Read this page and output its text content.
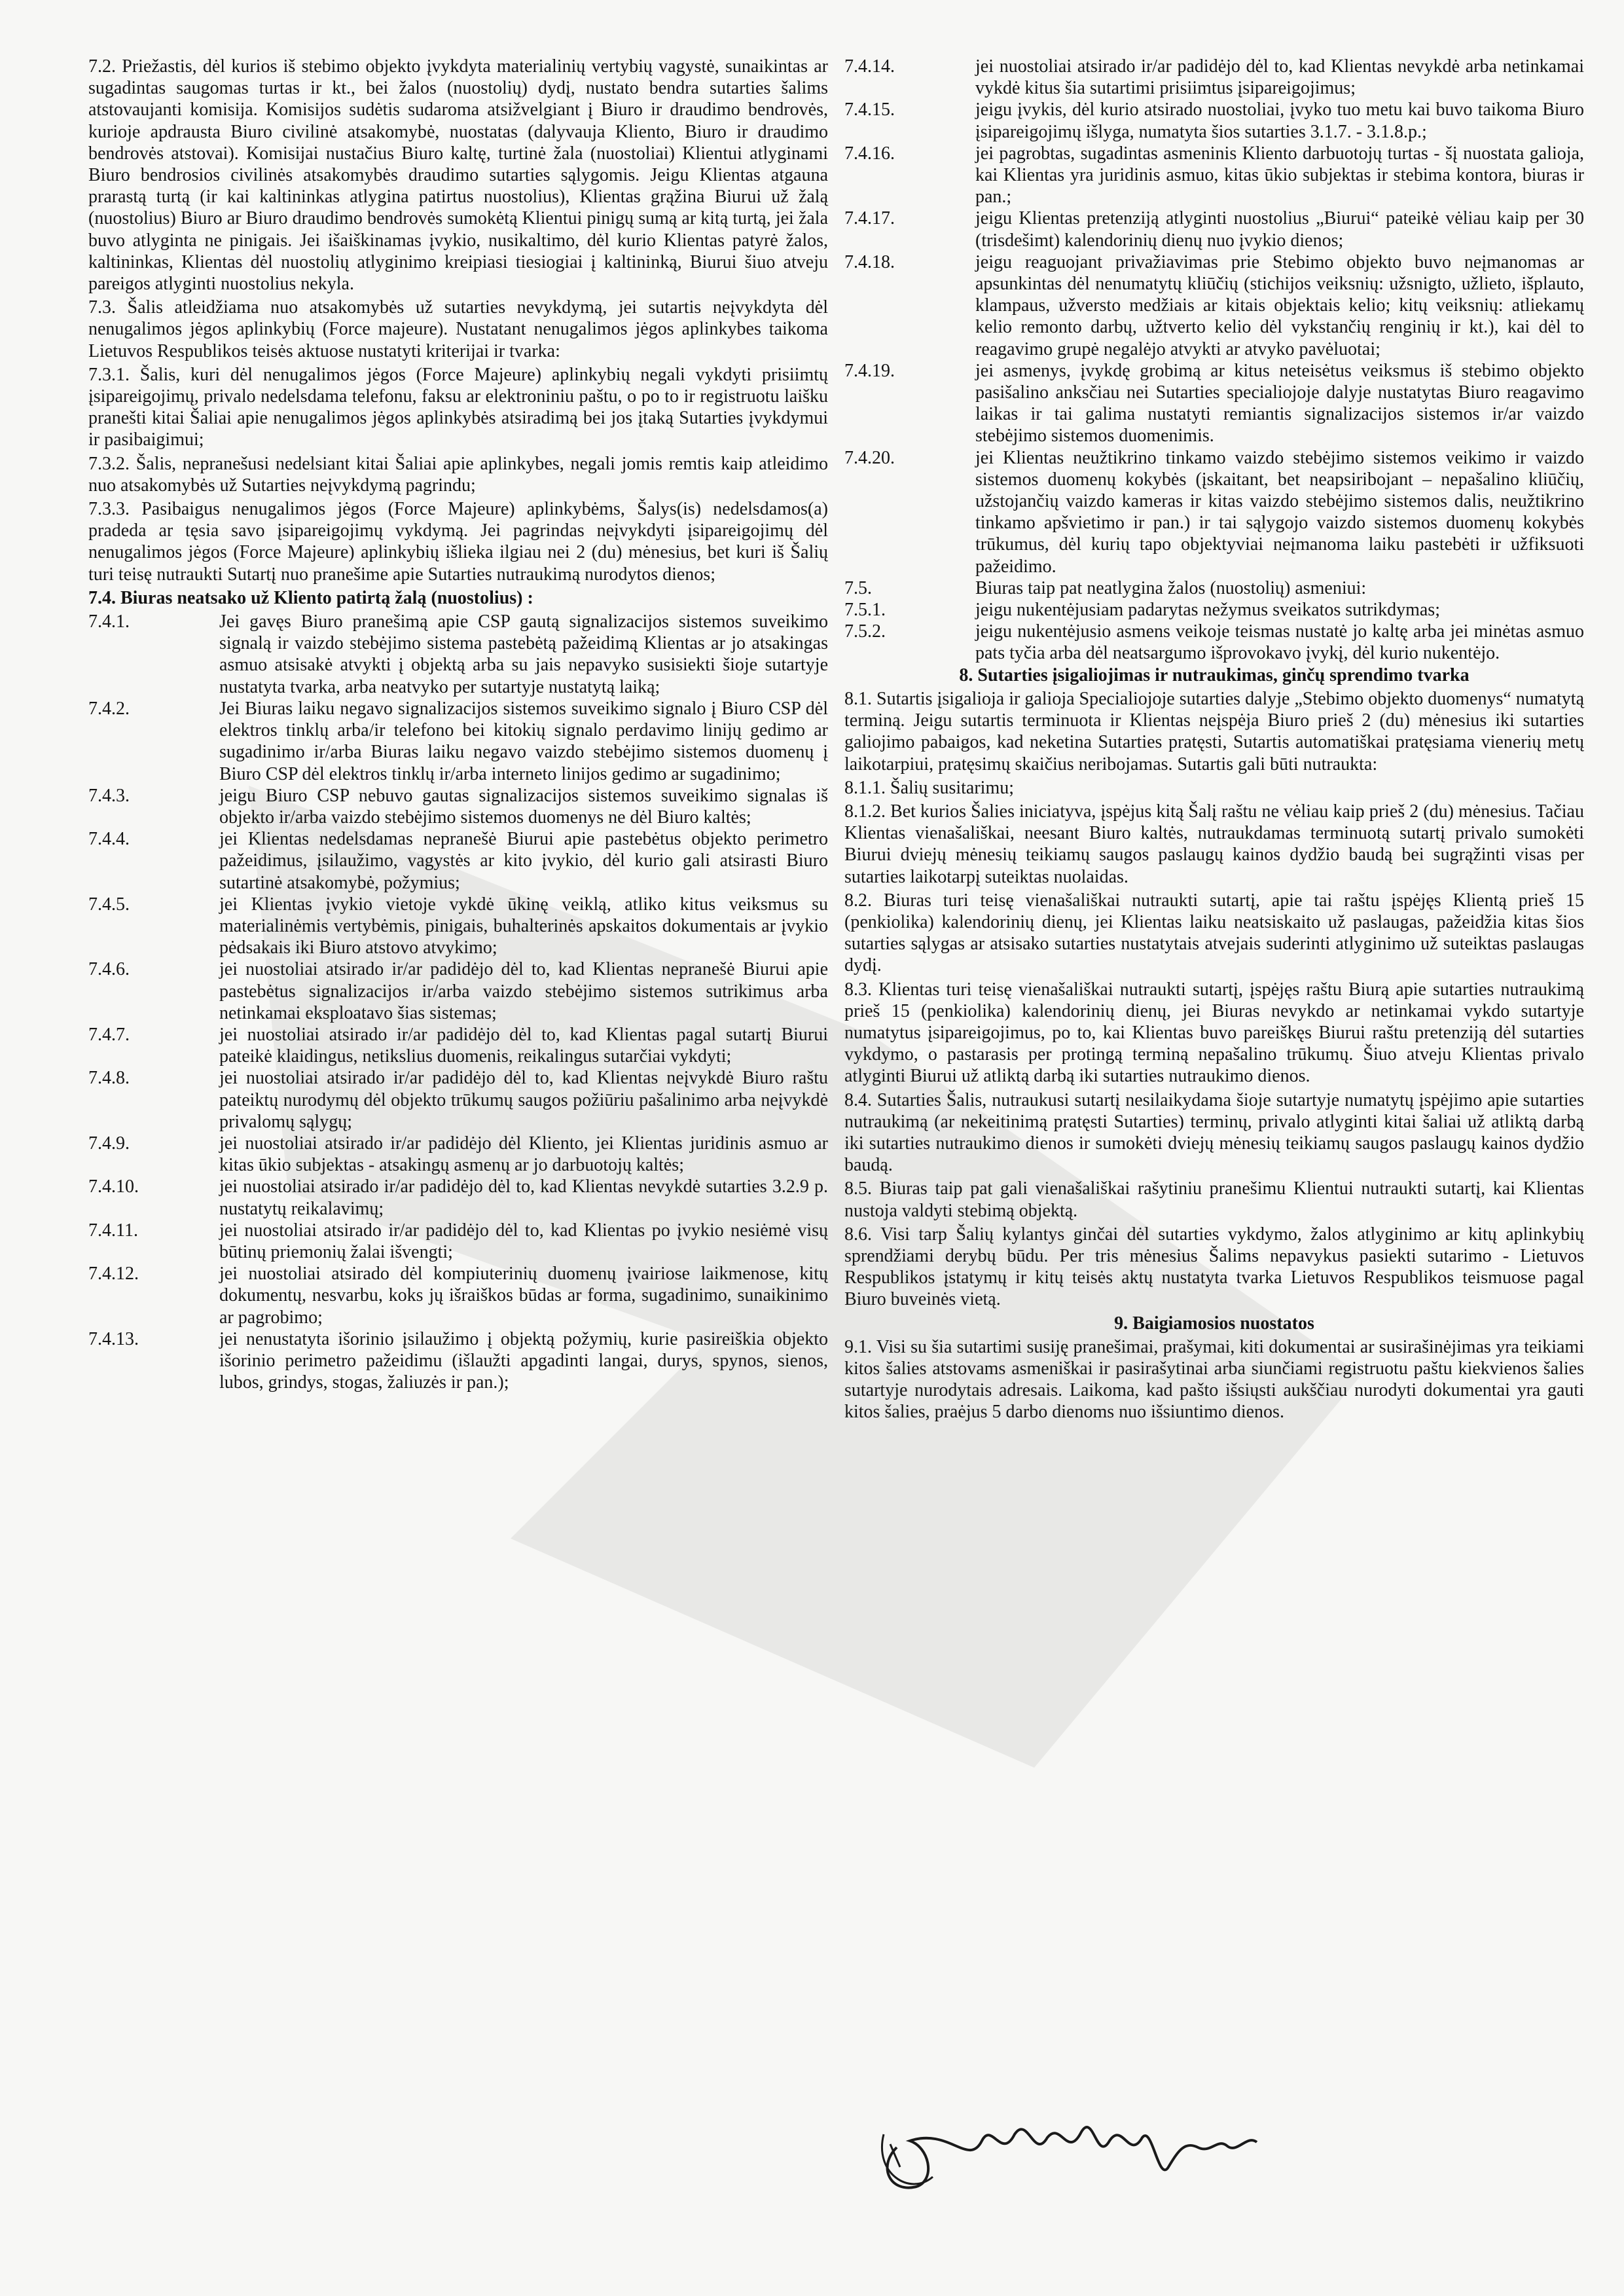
7.2. Priežastis, dėl kurios iš stebimo objekto įvykdyta materialinių vertybių vagystė, sunaikintas ar sugadintas saugomas turtas ir kt., bei žalos (nuostolių) dydį, nustato bendra sutarties šalims atstovaujanti komisija. Komisijos sudėtis sudaroma atsižvelgiant į Biuro ir draudimo bendrovės, kurioje apdrausta Biuro civilinė atsakomybė, nuostatas (dalyvauja Kliento, Biuro ir draudimo bendrovės atstovai). Komisijai nustačius Biuro kaltę, turtinė žala (nuostoliai) Klientui atlyginami Biuro bendrosios civilinės atsakomybės draudimo sutarties sąlygomis. Jeigu Klientas atgauna prarastą turtą (ir kai kaltininkas atlygina patirtus nuostolius), Klientas grąžina Biurui už žalą (nuostolius) Biuro ar Biuro draudimo bendrovės sumokėtą Klientui pinigų sumą ar kitą turtą, jei žala buvo atlyginta ne pinigais. Jei išaiškinamas įvykio, nusikaltimo, dėl kurio Klientas patyrė žalos, kaltininkas, Klientas dėl nuostolių atlyginimo kreipiasi tiesiogiai į kaltininką, Biurui šiuo atveju pareigos atlyginti nuostolius nekyla.

7.3. Šalis atleidžiama nuo atsakomybės už sutarties nevykdymą, jei sutartis neįvykdyta dėl nenugalimos jėgos aplinkybių (Force majeure). Nustatant nenugalimos jėgos aplinkybes taikoma Lietuvos Respublikos teisės aktuose nustatyti kriterijai ir tvarka:

7.3.1. Šalis, kuri dėl nenugalimos jėgos (Force Majeure) aplinkybių negali vykdyti prisiimtų įsipareigojimų, privalo nedelsdama telefonu, faksu ar elektroniniu paštu, o po to ir registruotu laišku pranešti kitai Šaliai apie nenugalimos jėgos aplinkybės atsiradimą bei jos įtaką Sutarties įvykdymui ir pasibaigimui;

7.3.2. Šalis, nepranešusi nedelsiant kitai Šaliai apie aplinkybes, negali jomis remtis kaip atleidimo nuo atsakomybės už Sutarties neįvykdymą pagrindu;

7.3.3. Pasibaigus nenugalimos jėgos (Force Majeure) aplinkybėms, Šalys(is) nedelsdamos(a) pradeda ar tęsia savo įsipareigojimų vykdymą. Jei pagrindas neįvykdyti įsipareigojimų dėl nenugalimos jėgos (Force Majeure) aplinkybių išlieka ilgiau nei 2 (du) mėnesius, bet kuri iš Šalių turi teisę nutraukti Sutartį nuo pranešime apie Sutarties nutraukimą nurodytos dienos;

7.4. Biuras neatsako už Kliento patirtą žalą (nuostolius) :

7.4.1.	Jei gavęs Biuro pranešimą apie CSP gautą signalizacijos sistemos suveikimo signalą ir vaizdo stebėjimo sistema pastebėtą pažeidimą Klientas ar jo atsakingas asmuo atsisakė atvykti į objektą arba su jais nepavyko susisiekti šioje sutartyje nustatyta tvarka, arba neatvyko per sutartyje nustatytą laiką;
7.4.2.	Jei Biuras laiku negavo signalizacijos sistemos suveikimo signalo į Biuro CSP dėl elektros tinklų arba/ir telefono bei kitokių signalo perdavimo linijų gedimo ar sugadinimo ir/arba Biuras laiku negavo vaizdo stebėjimo sistemos duomenų į Biuro CSP dėl elektros tinklų ir/arba interneto linijos gedimo ar sugadinimo;
7.4.3.	jeigu Biuro CSP nebuvo gautas signalizacijos sistemos suveikimo signalas iš objekto ir/arba vaizdo stebėjimo sistemos duomenys ne dėl Biuro kaltės;
7.4.4.	jei Klientas nedelsdamas nepranešė Biurui apie pastebėtus objekto perimetro pažeidimus, įsilaužimo, vagystės ar kito įvykio, dėl kurio gali atsirasti Biuro sutartinė atsakomybė, požymius;
7.4.5.	jei Klientas įvykio vietoje vykdė ūkinę veiklą, atliko kitus veiksmus su materialinėmis vertybėmis, pinigais, buhalterinės apskaitos dokumentais ar įvykio pėdsakais iki Biuro atstovo atvykimo;
7.4.6.	jei nuostoliai atsirado ir/ar padidėjo dėl to, kad Klientas nepranešė Biurui apie pastebėtus signalizacijos ir/arba vaizdo stebėjimo sistemos sutrikimus arba netinkamai eksploatavo šias sistemas;
7.4.7.	jei nuostoliai atsirado ir/ar padidėjo dėl to, kad Klientas pagal sutartį Biurui pateikė klaidingus, netikslius duomenis, reikalingus sutarčiai vykdyti;
7.4.8.	jei nuostoliai atsirado ir/ar padidėjo dėl to, kad Klientas neįvykdė Biuro raštu pateiktų nurodymų dėl objekto trūkumų saugos požiūriu pašalinimo arba neįvykdė privalomų sąlygų;
7.4.9.	jei nuostoliai atsirado ir/ar padidėjo dėl Kliento, jei Klientas juridinis asmuo ar kitas ūkio subjektas - atsakingų asmenų ar jo darbuotojų kaltės;
7.4.10.	jei nuostoliai atsirado ir/ar padidėjo dėl to, kad Klientas nevykdė sutarties 3.2.9 p. nustatytų reikalavimų;
7.4.11.	jei nuostoliai atsirado ir/ar padidėjo dėl to, kad Klientas po įvykio nesiėmė visų būtinų priemonių žalai išvengti;
7.4.12.	jei nuostoliai atsirado dėl kompiuterinių duomenų įvairiose laikmenose, kitų dokumentų, nesvarbu, koks jų išraiškos būdas ar forma, sugadinimo, sunaikinimo ar pagrobimo;
7.4.13.	jei nenustatyta išorinio įsilaužimo į objektą požymių, kurie pasireiškia objekto išorinio perimetro pažeidimu (išlaužti apgadinti langai, durys, spynos, sienos, lubos, grindys, stogas, žaliuzės ir pan.);
7.4.14.	jei nuostoliai atsirado ir/ar padidėjo dėl to, kad Klientas nevykdė arba netinkamai vykdė kitus šia sutartimi prisiimtus įsipareigojimus;
7.4.15.	jeigu įvykis, dėl kurio atsirado nuostoliai, įvyko tuo metu kai buvo taikoma Biuro įsipareigojimų išlyga, numatyta šios sutarties 3.1.7. - 3.1.8.p.;
7.4.16.	jei pagrobtas, sugadintas asmeninis Kliento darbuotojų turtas - šį nuostata galioja, kai Klientas yra juridinis asmuo, kitas ūkio subjektas ir stebima kontora, biuras ir pan.;
7.4.17.	jeigu Klientas pretenziją atlyginti nuostolius „Biurui“ pateikė vėliau kaip per 30 (trisdešimt) kalendorinių dienų nuo įvykio dienos;
7.4.18.	jeigu reaguojant privažiavimas prie Stebimo objekto buvo neįmanomas ar apsunkintas dėl nenumatytų kliūčių (stichijos veiksnių: užsnigto, užlieto, išplauto, klampaus, užversto medžiais ar kitais objektais kelio; kitų veiksnių: atliekamų kelio remonto darbų, užtverto kelio dėl vykstančių renginių ir kt.), kai dėl to reagavimo grupė negalėjo atvykti ar atvyko pavėluotai;
7.4.19.	jei asmenys, įvykdę grobimą ar kitus neteisėtus veiksmus iš stebimo objekto pasišalino anksčiau nei Sutarties specialiojoje dalyje nustatytas Biuro reagavimo laikas ir tai galima nustatyti remiantis signalizacijos sistemos ir/ar vaizdo stebėjimo sistemos duomenimis.
7.4.20.	jei Klientas neužtikrino tinkamo vaizdo stebėjimo sistemos veikimo ir vaizdo sistemos duomenų kokybės (įskaitant, bet neapsiribojant – nepašalino kliūčių, užstojančių vaizdo kameras ir kitas vaizdo stebėjimo sistemos dalis, neužtikrino tinkamo apšvietimo ir pan.) ir tai sąlygojo vaizdo sistemos duomenų kokybės trūkumus, dėl kurių tapo objektyviai neįmanoma laiku pastebėti ir užfiksuoti pažeidimo.
7.5.	Biuras taip pat neatlygina žalos (nuostolių) asmeniui:
7.5.1.	jeigu nukentėjusiam padarytas nežymus sveikatos sutrikdymas;
7.5.2.	jeigu nukentėjusio asmens veikoje teismas nustatė jo kaltę arba jei minėtas asmuo pats tyčia arba dėl neatsargumo išprovokavo įvykį, dėl kurio nukentėjo.

8. Sutarties įsigaliojimas ir nutraukimas, ginčų sprendimo tvarka

8.1. Sutartis įsigalioja ir galioja Specialiojoje sutarties dalyje „Stebimo objekto duomenys“ numatytą terminą. Jeigu sutartis terminuota ir Klientas neįspėja Biuro prieš 2 (du) mėnesius iki sutarties galiojimo pabaigos, kad neketina Sutarties pratęsti, Sutartis automatiškai pratęsiama vienerių metų laikotarpiui, pratęsimų skaičius neribojamas. Sutartis gali būti nutraukta:

8.1.1. Šalių susitarimu;

8.1.2. Bet kurios Šalies iniciatyva, įspėjus kitą Šalį raštu ne vėliau kaip prieš 2 (du) mėnesius. Tačiau Klientas vienašališkai, neesant Biuro kaltės, nutraukdamas terminuotą sutartį privalo sumokėti Biurui dviejų mėnesių teikiamų saugos paslaugų kainos dydžio baudą bei sugrąžinti visas per sutarties laikotarpį suteiktas nuolaidas.

8.2. Biuras turi teisę vienašališkai nutraukti sutartį, apie tai raštu įspėjęs Klientą prieš 15 (penkiolika) kalendorinių dienų, jei Klientas laiku neatsiskaito už paslaugas, pažeidžia kitas šios sutarties sąlygas ar atsisako sutarties nustatytais atvejais suderinti atlyginimo už suteiktas paslaugas dydį.

8.3. Klientas turi teisę vienašališkai nutraukti sutartį, įspėjęs raštu Biurą apie sutarties nutraukimą prieš 15 (penkiolika) kalendorinių dienų, jei Biuras nevykdo ar netinkamai vykdo sutartyje numatytus įsipareigojimus, po to, kai Klientas buvo pareiškęs Biurui raštu pretenziją dėl sutarties vykdymo, o pastarasis per protingą terminą nepašalino trūkumų. Šiuo atveju Klientas privalo atlyginti Biurui už atliktą darbą iki sutarties nutraukimo dienos.

8.4. Sutarties Šalis, nutraukusi sutartį nesilaikydama šioje sutartyje numatytų įspėjimo apie sutarties nutraukimą (ar nekeitinimą pratęsti Sutarties) terminų, privalo atlyginti kitai šaliai už atliktą darbą iki sutarties nutraukimo dienos ir sumokėti dviejų mėnesių teikiamų saugos paslaugų kainos dydžio baudą.

8.5. Biuras taip pat gali vienašališkai rašytiniu pranešimu Klientui nutraukti sutartį, kai Klientas nustoja valdyti stebimą objektą.

8.6. Visi tarp Šalių kylantys ginčai dėl sutarties vykdymo, žalos atlyginimo ar kitų aplinkybių sprendžiami derybų būdu. Per tris mėnesius Šalims nepavykus pasiekti sutarimo - Lietuvos Respublikos įstatymų ir kitų teisės aktų nustatyta tvarka Lietuvos Respublikos teismuose pagal Biuro buveinės vietą.

9. Baigiamosios nuostatos

9.1. Visi su šia sutartimi susiję pranešimai, prašymai, kiti dokumentai ar susirašinėjimas yra teikiami kitos šalies atstovams asmeniškai ir pasirašytinai arba siunčiami registruotu paštu kiekvienos šalies sutartyje nurodytais adresais. Laikoma, kad pašto išsiųsti aukščiau nurodyti dokumentai yra gauti kitos šalies, praėjus 5 darbo dienoms nuo išsiuntimo dienos.
